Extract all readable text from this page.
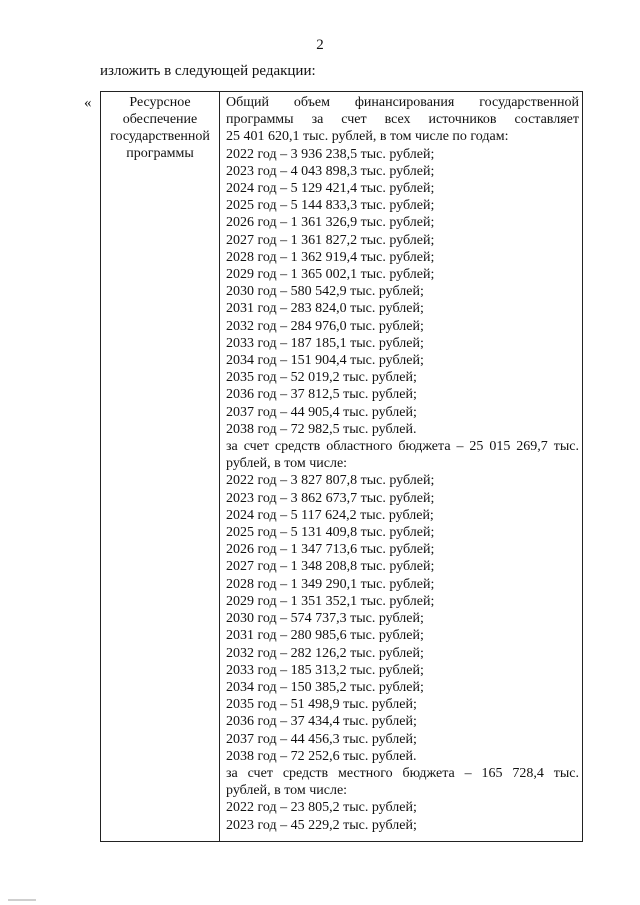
2
изложить в следующей редакции:
«	Ресурсное
обеспечение
государственной
программы
Общий объем финансирования государственной
программы за счет всех источников составляет
25 401 620,1 тыс. рублей, в том числе по годам:
2022 год – 3 936 238,5 тыс. рублей;
2023 год – 4 043 898,3 тыс. рублей;
2024 год – 5 129 421,4 тыс. рублей;
2025 год – 5 144 833,3 тыс. рублей;
2026 год – 1 361 326,9 тыс. рублей;
2027 год – 1 361 827,2 тыс. рублей;
2028 год – 1 362 919,4 тыс. рублей;
2029 год – 1 365 002,1 тыс. рублей;
2030 год – 580 542,9 тыс. рублей;
2031 год – 283 824,0 тыс. рублей;
2032 год – 284 976,0 тыс. рублей;
2033 год – 187 185,1 тыс. рублей;
2034 год – 151 904,4 тыс. рублей;
2035 год – 52 019,2 тыс. рублей;
2036 год – 37 812,5 тыс. рублей;
2037 год – 44 905,4 тыс. рублей;
2038 год – 72 982,5 тыс. рублей.
за счет средств областного бюджета – 25 015 269,7 тыс.
рублей, в том числе:
2022 год – 3 827 807,8 тыс. рублей;
2023 год – 3 862 673,7 тыс. рублей;
2024 год – 5 117 624,2 тыс. рублей;
2025 год – 5 131 409,8 тыс. рублей;
2026 год – 1 347 713,6 тыс. рублей;
2027 год – 1 348 208,8 тыс. рублей;
2028 год – 1 349 290,1 тыс. рублей;
2029 год – 1 351 352,1 тыс. рублей;
2030 год – 574 737,3 тыс. рублей;
2031 год – 280 985,6 тыс. рублей;
2032 год – 282 126,2 тыс. рублей;
2033 год – 185 313,2 тыс. рублей;
2034 год – 150 385,2 тыс. рублей;
2035 год – 51 498,9 тыс. рублей;
2036 год – 37 434,4 тыс. рублей;
2037 год – 44 456,3 тыс. рублей;
2038 год – 72 252,6 тыс. рублей.
за счет средств местного бюджета – 165 728,4 тыс.
рублей, в том числе:
2022 год – 23 805,2 тыс. рублей;
2023 год – 45 229,2 тыс. рублей;
